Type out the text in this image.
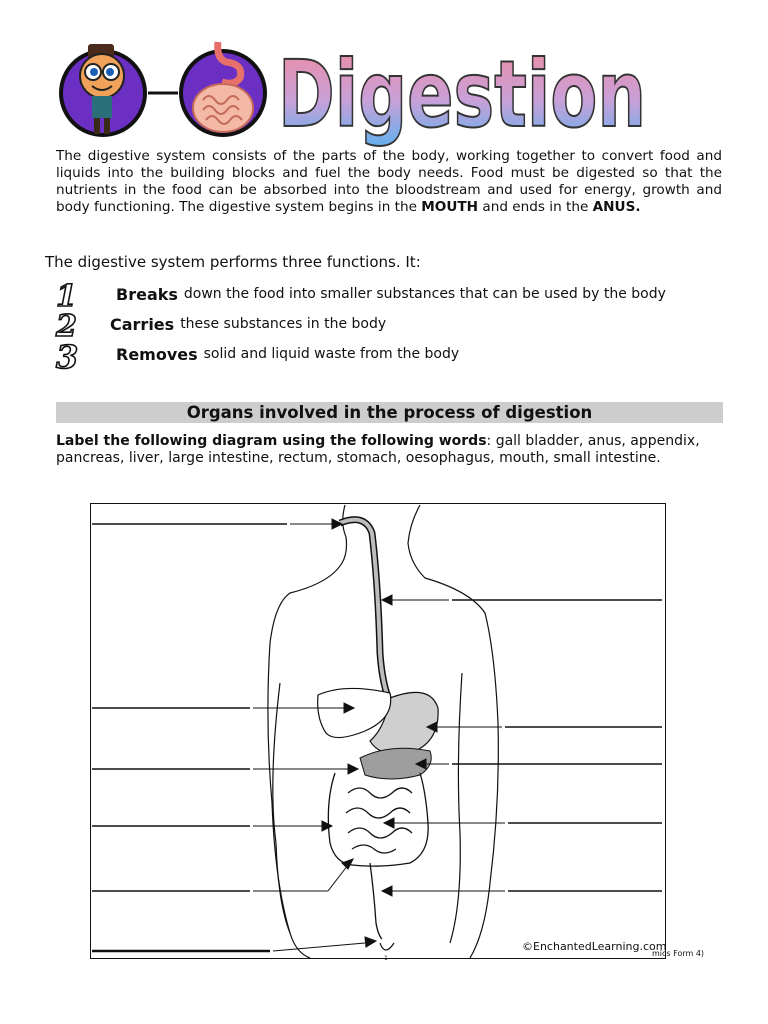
Digestion
The digestive system consists of the parts of the body, working together to convert food and liquids into the building blocks and fuel the body needs. Food must be digested so that the nutrients in the food can be absorbed into the bloodstream and used for energy, growth and body functioning. The digestive system begins in the MOUTH and ends in the ANUS.
The digestive system performs three functions. It:
1 Breaks down the food into smaller substances that can be used by the body
2 Carries these substances in the body
3 Removes solid and liquid waste from the body
Organs involved in the process of digestion
Label the following diagram using the following words: gall bladder, anus, appendix, pancreas, liver, large intestine, rectum, stomach, oesophagus, mouth, small intestine.
©EnchantedLearning.com
mics Form 4)
1
